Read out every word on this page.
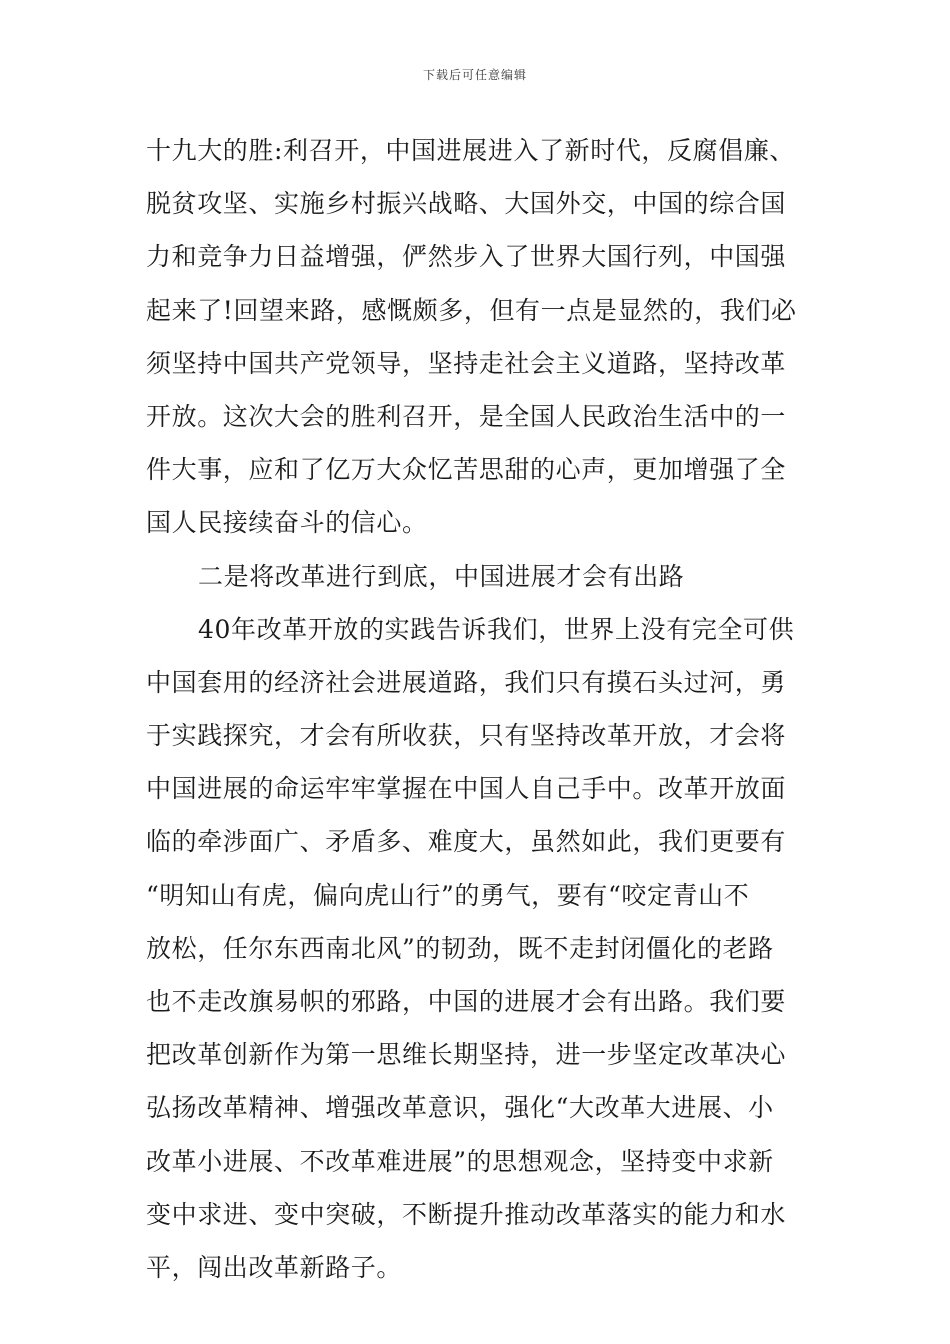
下载后可任意编辑
十九大的胜:利召开，中国进展进入了新时代，反腐倡廉、
脱贫攻坚、实施乡村振兴战略、大国外交，中国的综合国
力和竞争力日益增强，俨然步入了世界大国行列，中国强
起来了!回望来路，感慨颇多，但有一点是显然的，我们必
须坚持中国共产党领导，坚持走社会主义道路，坚持改革
开放。这次大会的胜利召开，是全国人民政治生活中的一
件大事，应和了亿万大众忆苦思甜的心声，更加增强了全
国人民接续奋斗的信心。
二是将改革进行到底，中国进展才会有出路
40年改革开放的实践告诉我们，世界上没有完全可供
中国套用的经济社会进展道路，我们只有摸石头过河，勇
于实践探究，才会有所收获，只有坚持改革开放，才会将
中国进展的命运牢牢掌握在中国人自己手中。改革开放面
临的牵涉面广、矛盾多、难度大，虽然如此，我们更要有
“明知山有虎，偏向虎山行”的勇气，要有“咬定青山不
放松，任尔东西南北风”的韧劲，既不走封闭僵化的老路
也不走改旗易帜的邪路，中国的进展才会有出路。我们要
把改革创新作为第一思维长期坚持，进一步坚定改革决心
弘扬改革精神、增强改革意识，强化“大改革大进展、小
改革小进展、不改革难进展”的思想观念，坚持变中求新
变中求进、变中突破，不断提升推动改革落实的能力和水
平，闯出改革新路子。
